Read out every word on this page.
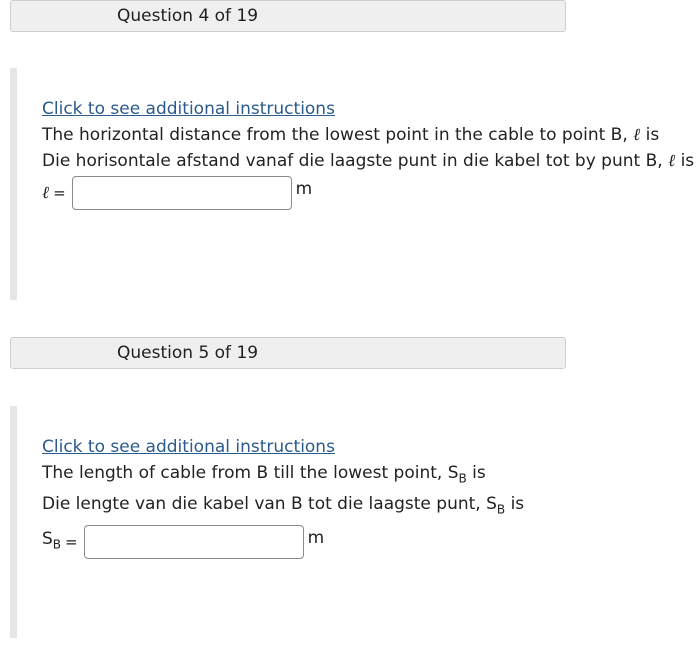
Question 4 of 19
Click to see additional instructions
The horizontal distance from the lowest point in the cable to point B, ℓ is
Die horisontale afstand vanaf die laagste punt in die kabel tot by punt B, ℓ is
ℓ =	m
Question 5 of 19
Click to see additional instructions
The length of cable from B till the lowest point, $S_B$ is
Die lengte van die kabel van B tot die laagste punt, $S_B$ is
$S_B$ =	m
